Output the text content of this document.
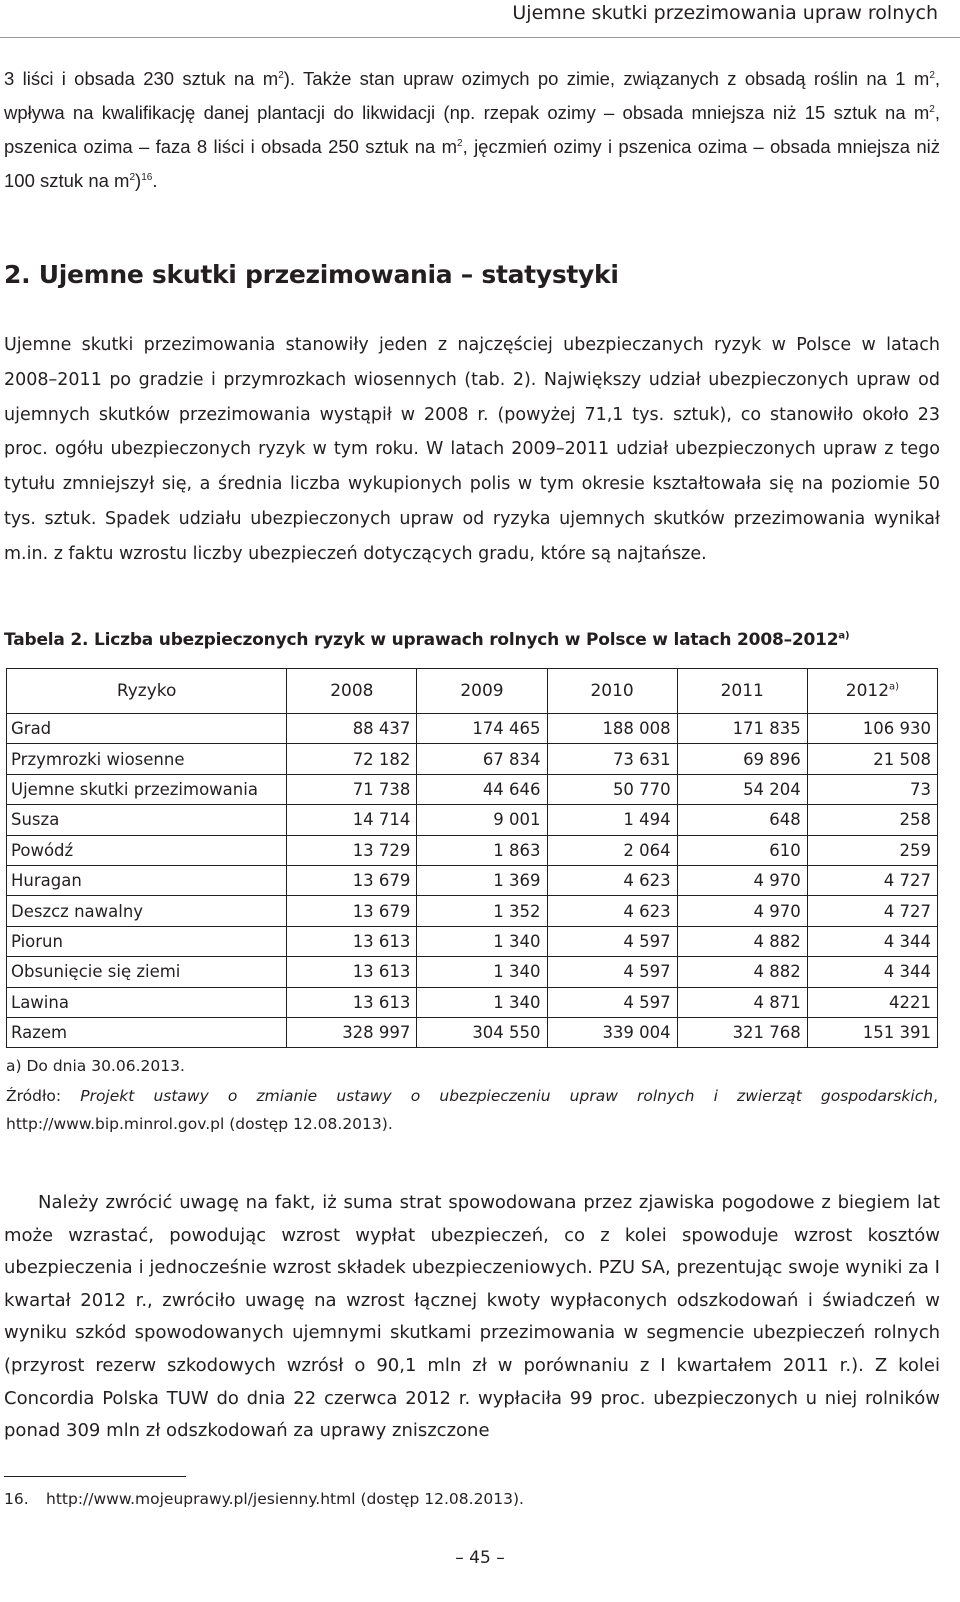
Ujemne skutki przezimowania upraw rolnych

3 liści i obsada 230 sztuk na $m^2$). Także stan upraw ozimych po zimie, związanych z obsadą roślin na 1 $m^2$, wpływa na kwalifikację danej plantacji do likwidacji (np. rzepak ozimy – obsada mniejsza niż 15 sztuk na $m^2$, pszenica ozima – faza 8 liści i obsada 250 sztuk na $m^2$, jęczmień ozimy i pszenica ozima – obsada mniejsza niż 100 sztuk na $m^2)^{16}$.

2. Ujemne skutki przezimowania – statystyki

Ujemne skutki przezimowania stanowiły jeden z najczęściej ubezpieczanych ryzyk w Polsce w latach 2008–2011 po gradzie i przymrozkach wiosennych (tab. 2). Największy udział ubezpieczonych upraw od ujemnych skutków przezimowania wystąpił w 2008 r. (powyżej 71,1 tys. sztuk), co stanowiło około 23 proc. ogółu ubezpieczonych ryzyk w tym roku. W latach 2009–2011 udział ubezpieczonych upraw z tego tytułu zmniejszył się, a średnia liczba wykupionych polis w tym okresie kształtowała się na poziomie 50 tys. sztuk. Spadek udziału ubezpieczonych upraw od ryzyka ujemnych skutków przezimowania wynikał m.in. z faktu wzrostu liczby ubezpieczeń dotyczących gradu, które są najtańsze.

Tabela 2. Liczba ubezpieczonych ryzyk w uprawach rolnych w Polsce w latach 2008–2012$^{a)}$
Ryzyko	2008	2009	2010	2011	2012$^{a)}$
Grad	88 437	174 465	188 008	171 835	106 930
Przymrozki wiosenne	72 182	67 834	73 631	69 896	21 508
Ujemne skutki przezimowania	71 738	44 646	50 770	54 204	73
Susza	14 714	9 001	1 494	648	258
Powódź	13 729	1 863	2 064	610	259
Huragan	13 679	1 369	4 623	4 970	4 727
Deszcz nawalny	13 679	1 352	4 623	4 970	4 727
Piorun	13 613	1 340	4 597	4 882	4 344
Obsunięcie się ziemi	13 613	1 340	4 597	4 882	4 344
Lawina	13 613	1 340	4 597	4 871	4221
Razem	328 997	304 550	339 004	321 768	151 391
a) Do dnia 30.06.2013.
Źródło: Projekt ustawy o zmianie ustawy o ubezpieczeniu upraw rolnych i zwierząt gospodarskich, http://www.bip.minrol.gov.pl (dostęp 12.08.2013).

Należy zwrócić uwagę na fakt, iż suma strat spowodowana przez zjawiska pogodowe z biegiem lat może wzrastać, powodując wzrost wypłat ubezpieczeń, co z kolei spowoduje wzrost kosztów ubezpieczenia i jednocześnie wzrost składek ubezpieczeniowych. PZU SA, prezentując swoje wyniki za I kwartał 2012 r., zwróciło uwagę na wzrost łącznej kwoty wypłaconych odszkodowań i świadczeń w wyniku szkód spowodowanych ujemnymi skutkami przezimowania w segmencie ubezpieczeń rolnych (przyrost rezerw szkodowych wzrósł o 90,1 mln zł w porównaniu z I kwartałem 2011 r.). Z kolei Concordia Polska TUW do dnia 22 czerwca 2012 r. wypłaciła 99 proc. ubezpieczonych u niej rolników ponad 309 mln zł odszkodowań za uprawy zniszczone

16. http://www.mojeuprawy.pl/jesienny.html (dostęp 12.08.2013).
– 45 –
